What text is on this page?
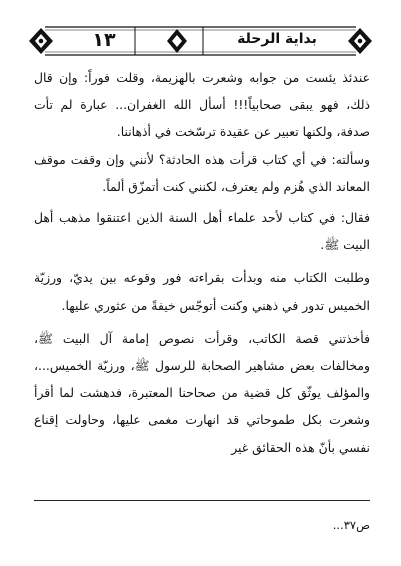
١٣	بداية الرحلة

عندئذ يئست من جوابه وشعرت بالهزيمة، وقلت فوراً: وإن قال ذلك، فهو يبقى صحابياً!!! أسأل الله الغفران... عبارة لم تأت صدفة، ولكنها تعبير عن عقيدة ترسّخت في أذهاننا.

وسألته: في أي كتاب قرأت هذه الحادثة؟ لأنني وإن وقفت موقف المعاند الذي هُزم ولم يعترف، لكنني كنت أتمزّق ألماً.

فقال: في كتاب لأحد علماء أهل السنة الذين اعتنقوا مذهب أهل البيت ﷺ.

وطلبت الكتاب منه وبدأت بقراءته فور وقوعه بين يديّ، ورزيّة الخميس تدور في ذهني وكنت أتوجّس خيفةً من عثوري عليها.

فأخذتني قصة الكاتب، وقرأت نصوص إمامة آل البيت ﷺ، ومخالفات بعض مشاهير الصحابة للرسول ﷺ، ورزيّة الخميس...، والمؤلف يوثّق كل قضية من صحاحنا المعتبرة، فدهشت لما أقرأ وشعرت بكل طموحاتي قد انهارت مغمى عليها، وحاولت إقناع نفسي بأنّ هذه الحقائق غير

ص٣٧...
